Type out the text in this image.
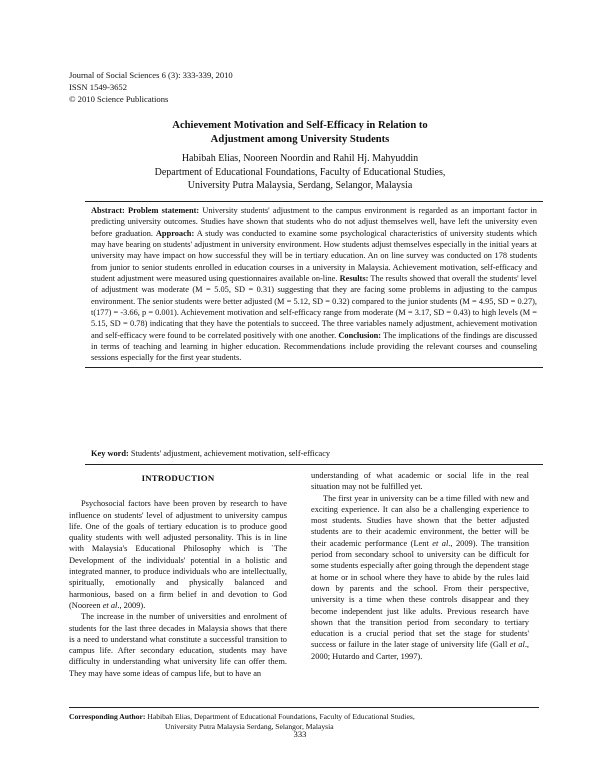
Journal of Social Sciences 6 (3): 333-339, 2010
ISSN 1549-3652
© 2010 Science Publications
Achievement Motivation and Self-Efficacy in Relation to
Adjustment among University Students
Habibah Elias, Nooreen Noordin and Rahil Hj. Mahyuddin
Department of Educational Foundations, Faculty of Educational Studies,
University Putra Malaysia, Serdang, Selangor, Malaysia
Abstract: Problem statement: University students' adjustment to the campus environment is regarded as an important factor in predicting university outcomes. Studies have shown that students who do not adjust themselves well, have left the university even before graduation. Approach: A study was conducted to examine some psychological characteristics of university students which may have bearing on students' adjustment in university environment. How students adjust themselves especially in the initial years at university may have impact on how successful they will be in tertiary education. An on line survey was conducted on 178 students from junior to senior students enrolled in education courses in a university in Malaysia. Achievement motivation, self-efficacy and student adjustment were measured using questionnaires available on-line. Results: The results showed that overall the students' level of adjustment was moderate (M = 5.05, SD = 0.31) suggesting that they are facing some problems in adjusting to the campus environment. The senior students were better adjusted (M = 5.12, SD = 0.32) compared to the junior students (M = 4.95, SD = 0.27), t(177) = -3.66, p = 0.001). Achievement motivation and self-efficacy range from moderate (M = 3.17, SD = 0.43) to high levels (M = 5.15, SD = 0.78) indicating that they have the potentials to succeed. The three variables namely adjustment, achievement motivation and self-efficacy were found to be correlated positively with one another. Conclusion: The implications of the findings are discussed in terms of teaching and learning in higher education. Recommendations include providing the relevant courses and counseling sessions especially for the first year students.
Key word: Students' adjustment, achievement motivation, self-efficacy
INTRODUCTION

Psychosocial factors have been proven by research to have influence on students' level of adjustment to university campus life. One of the goals of tertiary education is to produce good quality students with well adjusted personality. This is in line with Malaysia's Educational Philosophy which is `The Development of the individuals' potential in a holistic and integrated manner, to produce individuals who are intellectually, spiritually, emotionally and physically balanced and harmonious, based on a firm belief in and devotion to God (Nooreen et al., 2009).

The increase in the number of universities and enrolment of students for the last three decades in Malaysia shows that there is a need to understand what constitute a successful transition to campus life. After secondary education, students may have difficulty in understanding what university life can offer them. They may have some ideas of campus life, but to have an

understanding of what academic or social life in the real situation may not be fulfilled yet.

The first year in university can be a time filled with new and exciting experience. It can also be a challenging experience to most students. Studies have shown that the better adjusted students are to their academic environment, the better will be their academic performance (Lent et al., 2009). The transition period from secondary school to university can be difficult for some students especially after going through the dependent stage at home or in school where they have to abide by the rules laid down by parents and the school. From their perspective, university is a time when these controls disappear and they become independent just like adults. Previous research have shown that the transition period from secondary to tertiary education is a crucial period that set the stage for students' success or failure in the later stage of university life (Gall et al., 2000; Hutardo and Carter, 1997).

Corresponding Author: Habibah Elias, Department of Educational Foundations, Faculty of Educational Studies,
University Putra Malaysia Serdang, Selangor, Malaysia
333
